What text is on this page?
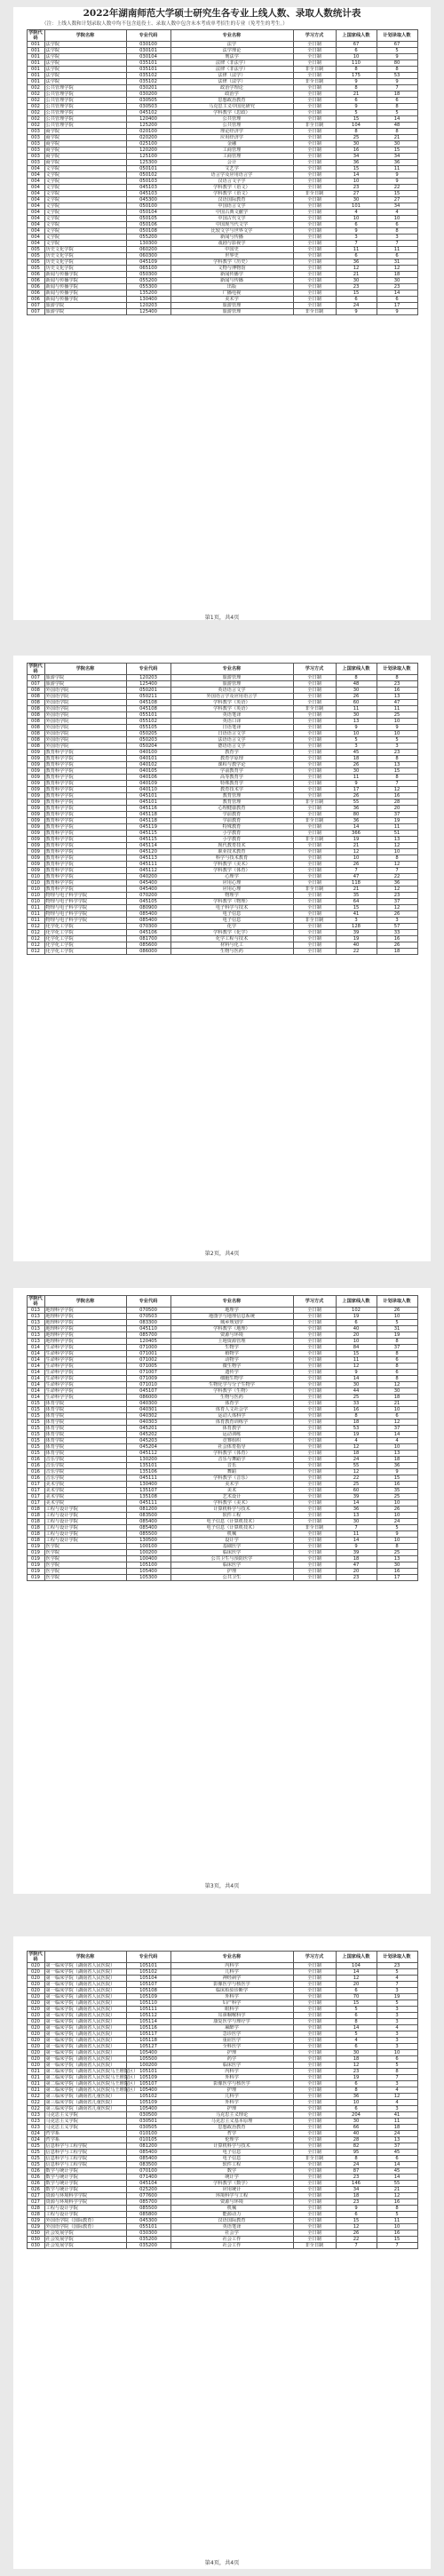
2022年湖南师范大学硕士研究生各专业上线人数、录取人数统计表
（注：上线人数和计划录取人数中均不包含退役士、录取人数中包含未本考成单考招生的专业（免考生的考生。）
学院代码	学院名称	专业代码	专业名称	学习方式	上国家线人数	计划录取人数
001	法学院	030100	法学	全日制	67	67
001	法学院	030101	法学理论	全日制	6	5
001	法学院	030104	刑法学	全日制	10	9
001	法学院	035101	法律（非法学）	全日制	110	80
001	法学院	035101	法律（非法学）	非全日制	8	8
001	法学院	035102	法律（法学）	全日制	175	53
001	法学院	035102	法律（法学）	非全日制	9	9
002	公共管理学院	030201	政治学理论	全日制	8	7
002	公共管理学院	030200	政治学	全日制	21	18
002	公共管理学院	030505	思想政治教育	全日制	6	6
002	公共管理学院	030503	马克思主义中国化研究	全日制	9	8
002	公共管理学院	045102	学科教学（思政）	全日制	5	5
002	公共管理学院	120400	公共管理	全日制	15	14
002	公共管理学院	125200	公共管理	非全日制	104	48
003	商学院	020100	理论经济学	全日制	8	8
003	商学院	020200	应用经济学	全日制	25	21
003	商学院	025100	金融	全日制	30	30
003	商学院	120200	工商管理	全日制	16	15
003	商学院	125100	工商管理	全日制	34	34
003	商学院	125300	会计	全日制	36	36
004	文学院	050101	文艺学	全日制	15	11
004	文学院	050102	语言学及应用语言学	全日制	14	9
004	文学院	050103	汉语言文字学	全日制	10	9
004	文学院	045103	学科教学（语文）	全日制	23	22
004	文学院	045103	学科教学（语文）	非全日制	27	15
004	文学院	045300	汉语国际教育	全日制	30	27
004	文学院	050100	中国语言文学	全日制	101	34
004	文学院	050104	中国古典文献学	全日制	4	4
004	文学院	050105	中国古代文学	全日制	10	10
004	文学院	050106	中国现当代文学	全日制	6	6
004	文学院	050108	比较文学与世界文学	全日制	9	8
004	文学院	055200	新闻与传播	全日制	3	3
004	文学院	130300	戏剧与影视学	全日制	7	7
005	历史文化学院	060200	中国史	全日制	11	11
005	历史文化学院	060300	世界史	全日制	6	6
005	历史文化学院	045109	学科教学（历史）	全日制	36	31
005	历史文化学院	065100	文物与博物馆	全日制	12	12
006	新闻与传播学院	050300	新闻传播学	全日制	21	18
006	新闻与传播学院	055200	新闻与传播	全日制	30	30
006	新闻与传播学院	055300	出版	全日制	23	23
006	新闻与传播学院	135200	广播电视	全日制	15	14
006	新闻与传播学院	130400	美术学	全日制	6	6
007	旅游学院	120203	旅游管理	全日制	24	17
007	旅游学院	125400	旅游管理	非全日制	9	9
第1页，共4页
学院代码	学院名称	专业代码	专业名称	学习方式	上国家线人数	计划录取人数
007	旅游学院	120203	旅游管理	全日制	8	8
007	旅游学院	125400	旅游管理	全日制	48	23
008	外国语学院	050201	英语语言文学	全日制	30	16
008	外国语学院	050211	外国语言学及应用语言学	全日制	26	13
008	外国语学院	045108	学科教学（英语）	全日制	60	47
008	外国语学院	045108	学科教学（英语）	非全日制	11	11
008	外国语学院	055101	英语笔译	全日制	30	25
008	外国语学院	055102	英语口译	全日制	13	10
008	外国语学院	055105	日语笔译	全日制	9	9
008	外国语学院	050205	日语语言文学	全日制	10	10
008	外国语学院	050203	法语语言文学	全日制	5	5
008	外国语学院	050204	德语语言文学	全日制	3	3
009	教育科学学院	040100	教育学	全日制	45	23
009	教育科学学院	040101	教育学原理	全日制	18	8
009	教育科学学院	040102	课程与教学论	全日制	26	13
009	教育科学学院	040105	学前教育学	全日制	30	15
009	教育科学学院	040106	高等教育学	全日制	11	8
009	教育科学学院	040109	特殊教育学	全日制	9	7
009	教育科学学院	040110	教育技术学	全日制	17	12
009	教育科学学院	045101	教育管理	全日制	26	16
009	教育科学学院	045101	教育管理	非全日制	55	28
009	教育科学学院	045116	心理健康教育	全日制	36	20
009	教育科学学院	045118	学前教育	全日制	80	37
009	教育科学学院	045118	学前教育	非全日制	36	19
009	教育科学学院	045119	特殊教育	全日制	14	11
009	教育科学学院	045115	小学教育	全日制	366	51
009	教育科学学院	045115	小学教育	非全日制	19	13
009	教育科学学院	045114	现代教育技术	全日制	21	12
009	教育科学学院	045120	职业技术教育	全日制	12	10
009	教育科学学院	045113	科学与技术教育	全日制	10	8
009	教育科学学院	045111	学科教学（美术）	全日制	26	12
009	教育科学学院	045112	学科教学（体育）	全日制	7	7
010	教育科学学院	040200	心理学	全日制	47	22
010	教育科学学院	045400	应用心理	全日制	118	36
010	教育科学学院	045400	应用心理	非全日制	21	12
010	物理与电子科学学院	070200	物理学	全日制	35	23
010	物理与电子科学学院	045105	学科教学（物理）	全日制	64	37
011	物理与电子科学学院	080900	电子科学与技术	全日制	15	12
011	物理与电子科学学院	085400	电子信息	全日制	41	26
011	物理与电子科学学院	085400	电子信息	非全日制	3	3
012	化学化工学院	070300	化学	全日制	128	57
012	化学化工学院	045106	学科教学（化学）	全日制	39	33
012	化学化工学院	081700	化学工程与技术	全日制	19	16
012	化学化工学院	085600	材料与化工	全日制	40	26
012	化学化工学院	086000	生物与医药	全日制	22	18
第2页，共4页
学院代码	学院名称	专业代码	专业名称	学习方式	上国家线人数	计划录取人数
013	地理科学学院	070500	地理学	全日制	102	26
013	地理科学学院	070503	地图学与地理信息系统	全日制	19	10
013	地理科学学院	083300	城乡规划学	全日制	6	5
013	地理科学学院	045110	学科教学（地理）	全日制	40	31
013	地理科学学院	085700	资源与环境	全日制	20	19
013	地理科学学院	120405	土地资源管理	全日制	10	8
014	生命科学学院	071000	生物学	全日制	84	37
014	生命科学学院	071001	植物学	全日制	15	8
014	生命科学学院	071002	动物学	全日制	11	6
014	生命科学学院	071005	微生物学	全日制	12	8
014	生命科学学院	071007	遗传学	全日制	9	6
014	生命科学学院	071009	细胞生物学	全日制	14	8
014	生命科学学院	071010	生物化学与分子生物学	全日制	30	12
014	生命科学学院	045107	学科教学（生物）	全日制	44	30
014	生命科学学院	086000	生物与医药	全日制	25	18
015	体育学院	040300	体育学	全日制	33	21
015	体育学院	040301	体育人文社会学	全日制	16	10
015	体育学院	040302	运动人体科学	全日制	8	6
015	体育学院	040303	体育教育训练学	全日制	18	12
015	体育学院	045201	体育教学	全日制	53	37
015	体育学院	045202	运动训练	全日制	19	14
015	体育学院	045203	竞赛组织	全日制	4	4
015	体育学院	045204	社会体育指导	全日制	12	10
015	体育学院	045112	学科教学（体育）	全日制	18	13
016	音乐学院	130200	音乐与舞蹈学	全日制	24	18
016	音乐学院	135101	音乐	全日制	55	36
016	音乐学院	135106	舞蹈	全日制	12	9
016	音乐学院	045111	学科教学（音乐）	全日制	22	15
017	美术学院	130400	美术学	全日制	25	16
017	美术学院	135107	美术	全日制	60	35
017	美术学院	135108	艺术设计	全日制	39	25
017	美术学院	045111	学科教学（美术）	全日制	14	10
018	工程与设计学院	081200	计算机科学与技术	全日制	36	26
018	工程与设计学院	083500	软件工程	全日制	13	10
018	工程与设计学院	085400	电子信息（计算机技术）	全日制	30	24
018	工程与设计学院	085400	电子信息（计算机技术）	非全日制	7	5
018	工程与设计学院	085500	机械	全日制	11	9
018	工程与设计学院	130500	设计学	全日制	14	10
019	医学院	100100	基础医学	全日制	9	8
019	医学院	100200	临床医学	全日制	39	25
019	医学院	100400	公共卫生与预防医学	全日制	18	13
019	医学院	105100	临床医学	全日制	47	30
019	医学院	105400	护理	全日制	20	16
019	医学院	105300	公共卫生	全日制	23	17
第3页，共4页
学院代码	学院名称	专业代码	专业名称	学习方式	上国家线人数	计划录取人数
020	第一临床学院（湖南省人民医院）	105101	内科学	全日制	104	23
020	第一临床学院（湖南省人民医院）	105102	儿科学	全日制	14	5
020	第一临床学院（湖南省人民医院）	105104	神经病学	全日制	12	4
020	第一临床学院（湖南省人民医院）	105107	影像医学与核医学	全日制	20	7
020	第一临床学院（湖南省人民医院）	105108	临床检验诊断学	全日制	6	3
020	第一临床学院（湖南省人民医院）	105109	外科学	全日制	70	19
020	第一临床学院（湖南省人民医院）	105110	妇产科学	全日制	15	5
020	第一临床学院（湖南省人民医院）	105111	眼科学	全日制	5	3
020	第一临床学院（湖南省人民医院）	105112	耳鼻咽喉科学	全日制	6	3
020	第一临床学院（湖南省人民医院）	105114	康复医学与理疗学	全日制	8	3
020	第一临床学院（湖南省人民医院）	105116	麻醉学	全日制	14	4
020	第一临床学院（湖南省人民医院）	105117	急诊医学	全日制	5	3
020	第一临床学院（湖南省人民医院）	105118	重症医学	全日制	4	3
020	第一临床学院（湖南省人民医院）	105127	全科医学	全日制	6	3
020	第一临床学院（湖南省人民医院）	105400	护理	全日制	30	10
020	第一临床学院（湖南省人民医院）	105500	药学	全日制	18	6
020	第一临床学院（湖南省人民医院）	100200	临床医学	全日制	12	5
021	第二临床学院（湖南省人民医院马王堆院区）	105101	内科学	全日制	23	8
021	第二临床学院（湖南省人民医院马王堆院区）	105109	外科学	全日制	19	7
021	第二临床学院（湖南省人民医院马王堆院区）	105107	影像医学与核医学	全日制	6	3
021	第二临床学院（湖南省人民医院马王堆院区）	105400	护理	全日制	8	4
022	第三临床学院（湖南省儿童医院）	105102	儿科学	全日制	36	12
022	第三临床学院（湖南省儿童医院）	105109	外科学	全日制	10	4
022	第三临床学院（湖南省儿童医院）	105400	护理	全日制	6	3
023	马克思主义学院	030500	马克思主义理论	全日制	204	41
023	马克思主义学院	030501	马克思主义基本原理	全日制	30	11
023	马克思主义学院	030505	思想政治教育	全日制	66	18
024	哲学系	010100	哲学	全日制	40	24
024	哲学系	010105	伦理学	全日制	28	13
025	信息科学与工程学院	081200	计算机科学与技术	全日制	82	37
025	信息科学与工程学院	085400	电子信息	全日制	95	45
025	信息科学与工程学院	085400	电子信息	非全日制	8	6
025	信息科学与工程学院	083500	软件工程	全日制	24	14
026	数学与统计学院	070100	数学	全日制	87	45
026	数学与统计学院	071400	统计学	全日制	23	14
026	数学与统计学院	045104	学科教学（数学）	全日制	146	55
026	数学与统计学院	025200	应用统计	全日制	34	21
027	资源与环境科学学院	077600	环境科学与工程	全日制	18	12
027	资源与环境科学学院	085700	资源与环境	全日制	23	16
028	工程与设计学院	085500	机械	全日制	9	8
028	工程与设计学院	085800	能源动力	全日制	6	5
029	外国语学院（国际教育）	045300	汉语国际教育	全日制	15	11
029	外国语学院（国际教育）	055101	英语笔译	全日制	12	10
030	社会发展学院	030300	社会学	全日制	26	16
030	社会发展学院	035200	社会工作	全日制	22	15
030	社会发展学院	035200	社会工作	非全日制	7	7
第4页，共4页
